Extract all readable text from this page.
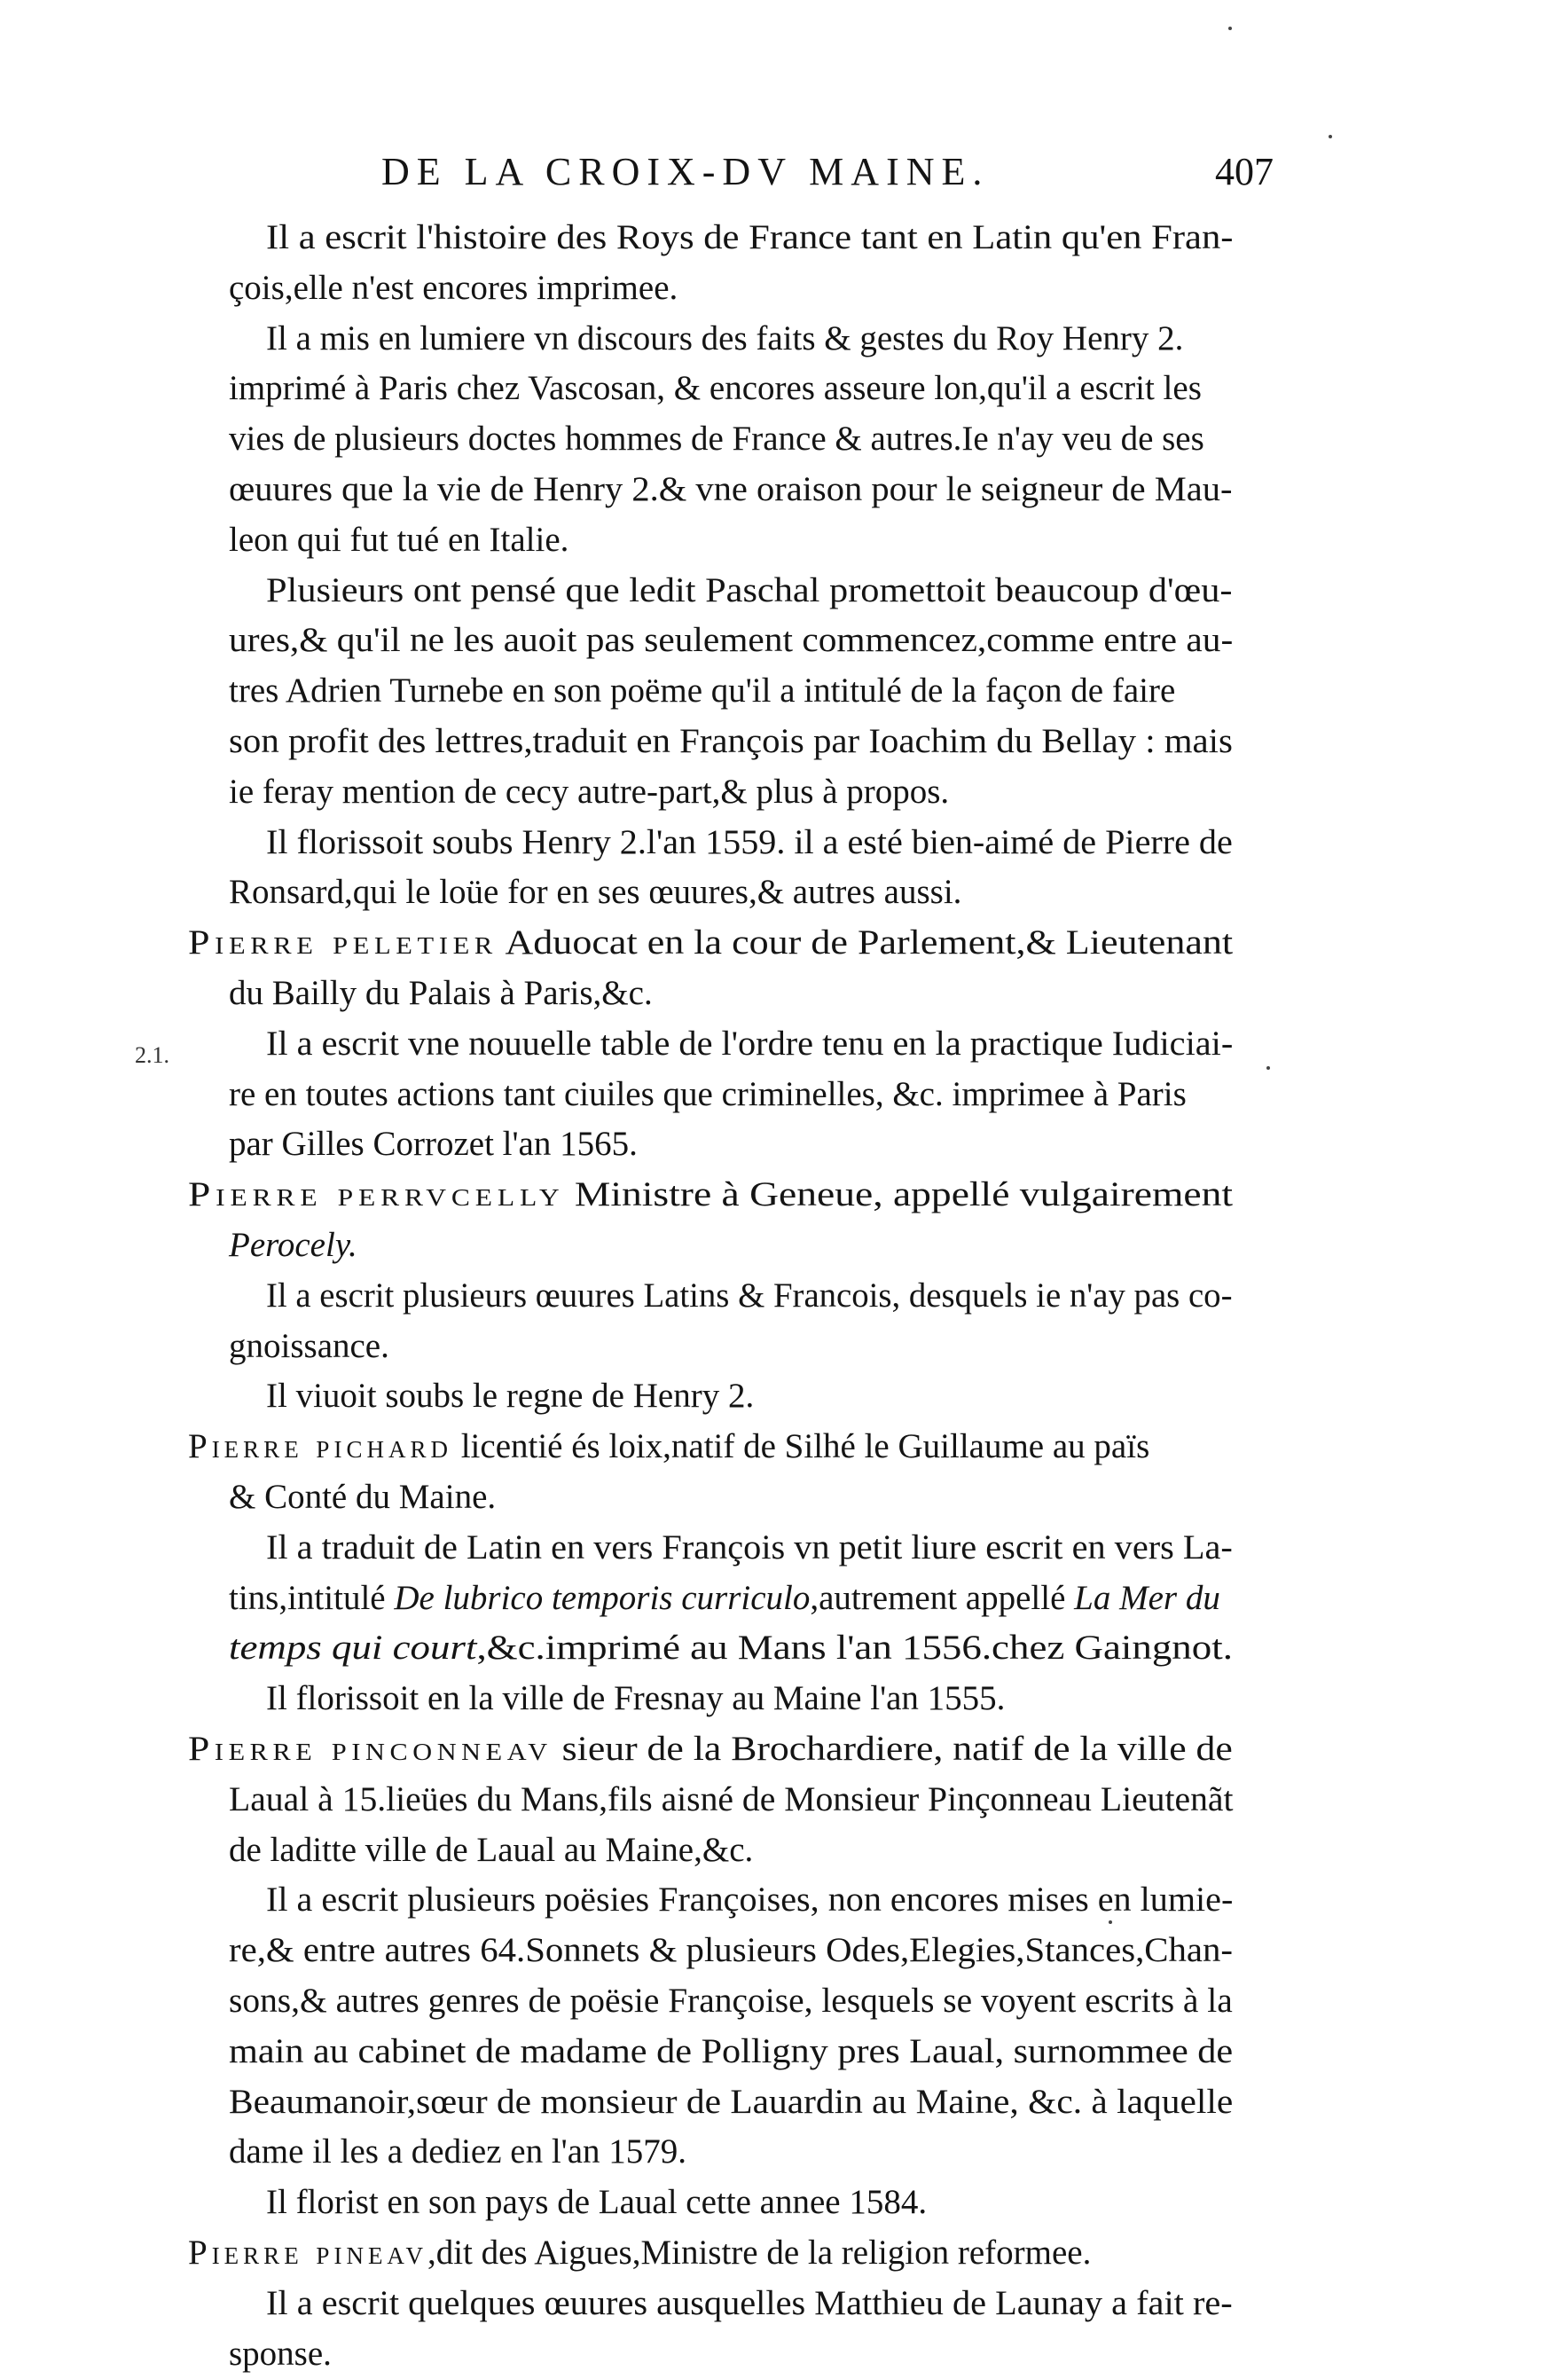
DE LA CROIX-DV MAINE.	407
2.1.
Il a escrit l'histoire des Roys de France tant en Latin qu'en Fran-
çois,elle n'est encores imprimee.
Il a mis en lumiere vn discours des faits & gestes du Roy Henry 2.
imprimé à Paris chez Vascosan, & encores asseure lon,qu'il a escrit les
vies de plusieurs doctes hommes de France & autres.Ie n'ay veu de ses
œuures que la vie de Henry 2.& vne oraison pour le seigneur de Mau-
leon qui fut tué en Italie.
Plusieurs ont pensé que ledit Paschal promettoit beaucoup d'œu-
ures,& qu'il ne les auoit pas seulement commencez,comme entre au-
tres Adrien Turnebe en son poëme qu'il a intitulé de la façon de faire
son profit des lettres,traduit en François par Ioachim du Bellay : mais
ie feray mention de cecy autre-part,& plus à propos.
Il florissoit soubs Henry 2.l'an 1559. il a esté bien-aimé de Pierre de
Ronsard,qui le loüe for en ses œuures,& autres aussi.
Pierre peletier Aduocat en la cour de Parlement,& Lieutenant
du Bailly du Palais à Paris,&c.
Il a escrit vne nouuelle table de l'ordre tenu en la practique Iudiciai-
re en toutes actions tant ciuiles que criminelles, &c. imprimee à Paris
par Gilles Corrozet l'an 1565.
Pierre perrvcelly Ministre à Geneue, appellé vulgairement
Perocely.
Il a escrit plusieurs œuures Latins & Francois, desquels ie n'ay pas co-
gnoissance.
Il viuoit soubs le regne de Henry 2.
Pierre pichard licentié és loix,natif de Silhé le Guillaume au païs
& Conté du Maine.
Il a traduit de Latin en vers François vn petit liure escrit en vers La-
tins,intitulé De lubrico temporis curriculo,autrement appellé La Mer du
temps qui court,&c.imprimé au Mans l'an 1556.chez Gaingnot.
Il florissoit en la ville de Fresnay au Maine l'an 1555.
Pierre pinconneav sieur de la Brochardiere, natif de la ville de
Laual à 15.lieües du Mans,fils aisné de Monsieur Pinçonneau Lieutenãt
de laditte ville de Laual au Maine,&c.
Il a escrit plusieurs poësies Françoises, non encores mises en lumie-
re,& entre autres 64.Sonnets & plusieurs Odes,Elegies,Stances,Chan-
sons,& autres genres de poësie Françoise, lesquels se voyent escrits à la
main au cabinet de madame de Polligny pres Laual, surnommee de
Beaumanoir,sœur de monsieur de Lauardin au Maine, &c. à laquelle
dame il les a dediez en l'an 1579.
Il florist en son pays de Laual cette annee 1584.
Pierre pineav,dit des Aigues,Ministre de la religion reformee.
Il a escrit quelques œuures ausquelles Matthieu de Launay a fait re-
sponse.
